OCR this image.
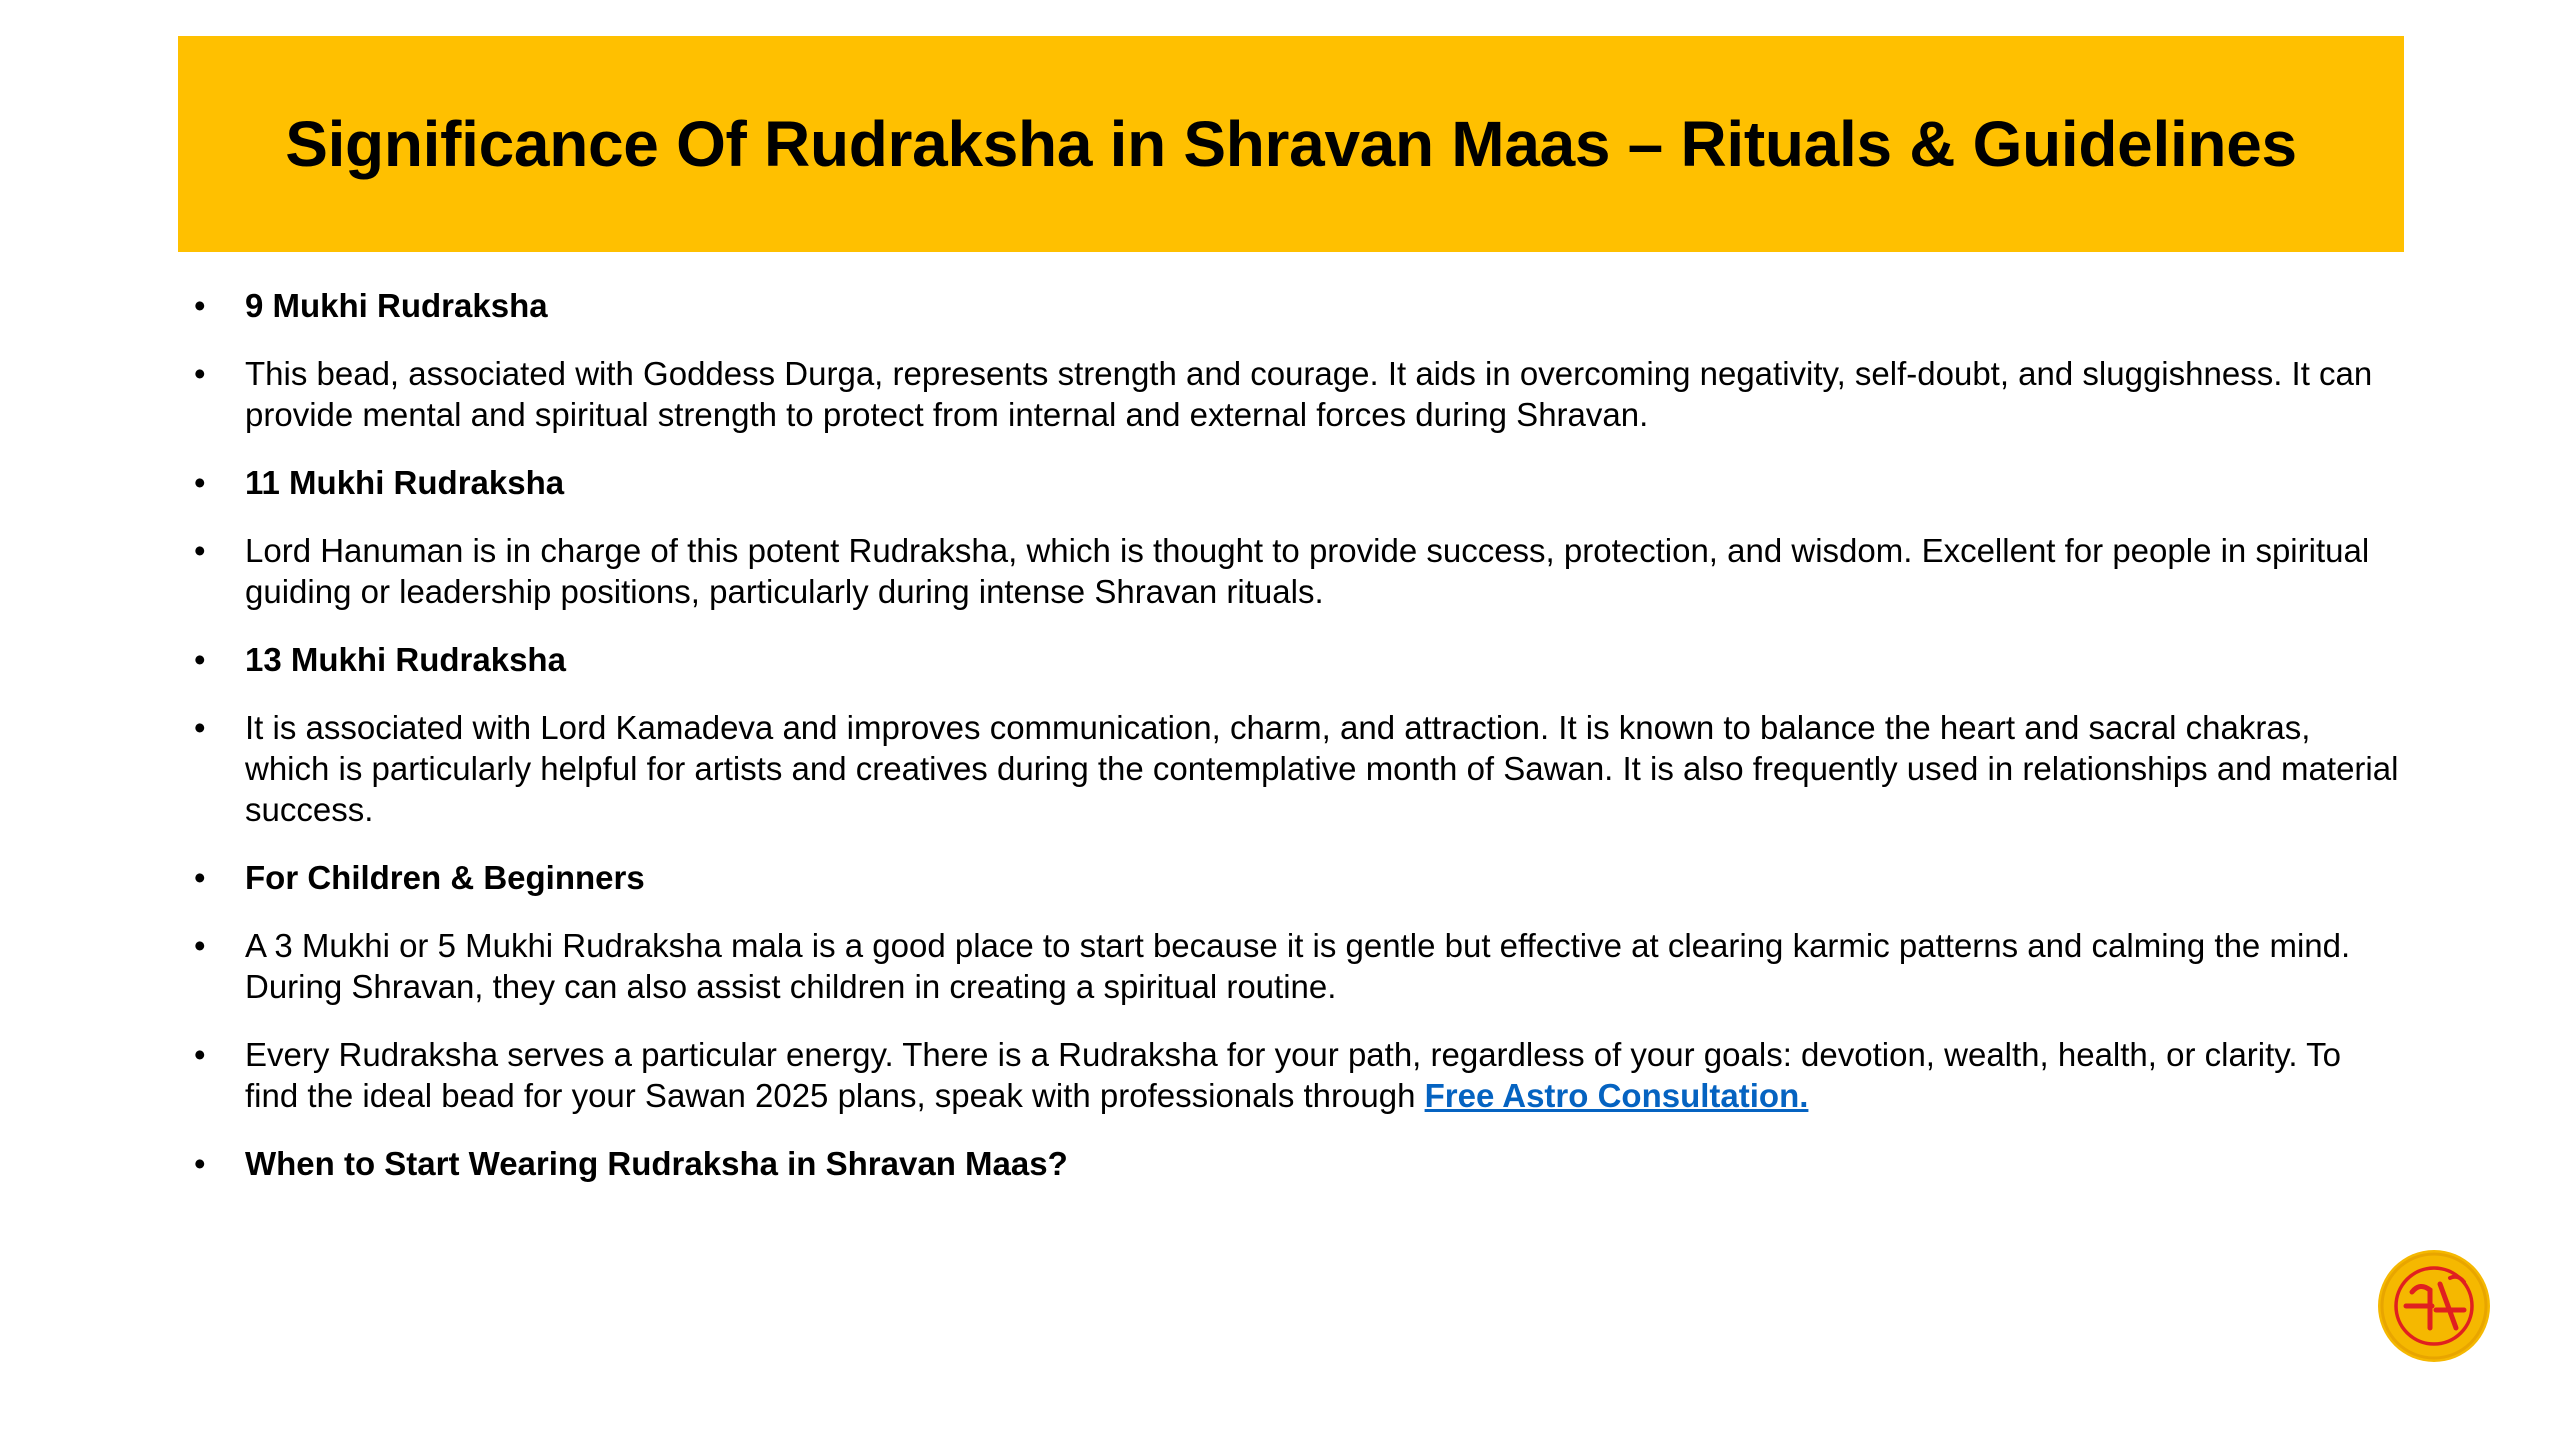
Significance Of Rudraksha in Shravan Maas – Rituals & Guidelines
• 9 Mukhi Rudraksha
• This bead, associated with Goddess Durga, represents strength and courage. It aids in overcoming negativity, self-doubt, and sluggishness. It can provide mental and spiritual strength to protect from internal and external forces during Shravan.
• 11 Mukhi Rudraksha
• Lord Hanuman is in charge of this potent Rudraksha, which is thought to provide success, protection, and wisdom. Excellent for people in spiritual guiding or leadership positions, particularly during intense Shravan rituals.
• 13 Mukhi Rudraksha
• It is associated with Lord Kamadeva and improves communication, charm, and attraction. It is known to balance the heart and sacral chakras, which is particularly helpful for artists and creatives during the contemplative month of Sawan. It is also frequently used in relationships and material success.
• For Children & Beginners
• A 3 Mukhi or 5 Mukhi Rudraksha mala is a good place to start because it is gentle but effective at clearing karmic patterns and calming the mind. During Shravan, they can also assist children in creating a spiritual routine.
• Every Rudraksha serves a particular energy. There is a Rudraksha for your path, regardless of your goals: devotion, wealth, health, or clarity. To find the ideal bead for your Sawan 2025 plans, speak with professionals through Free Astro Consultation.
• When to Start Wearing Rudraksha in Shravan Maas?
